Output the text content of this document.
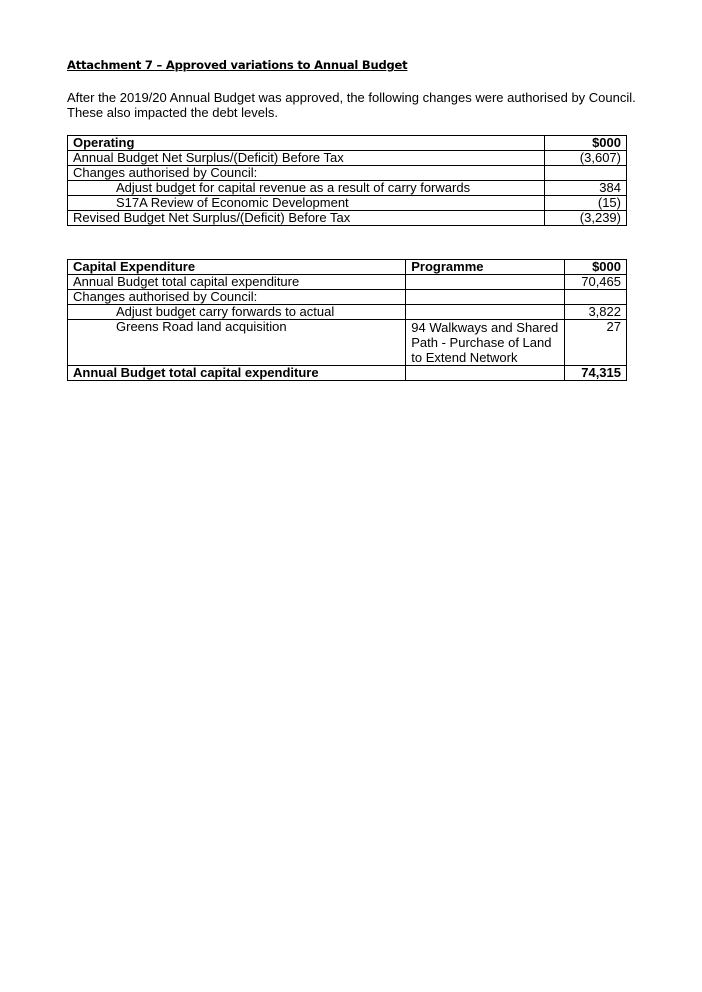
Attachment 7 – Approved variations to Annual Budget
After the 2019/20 Annual Budget was approved, the following changes were authorised by Council. These also impacted the debt levels.
Operating	$000
Annual Budget Net Surplus/(Deficit) Before Tax	(3,607)
Changes authorised by Council:	
Adjust budget for capital revenue as a result of carry forwards	384
S17A Review of Economic Development	(15)
Revised Budget Net Surplus/(Deficit) Before Tax	(3,239)
Capital Expenditure	Programme	$000
Annual Budget total capital expenditure		70,465
Changes authorised by Council:		
Adjust budget carry forwards to actual		3,822
Greens Road land acquisition	94 Walkways and Shared Path - Purchase of Land to Extend Network	27
Annual Budget total capital expenditure		74,315
